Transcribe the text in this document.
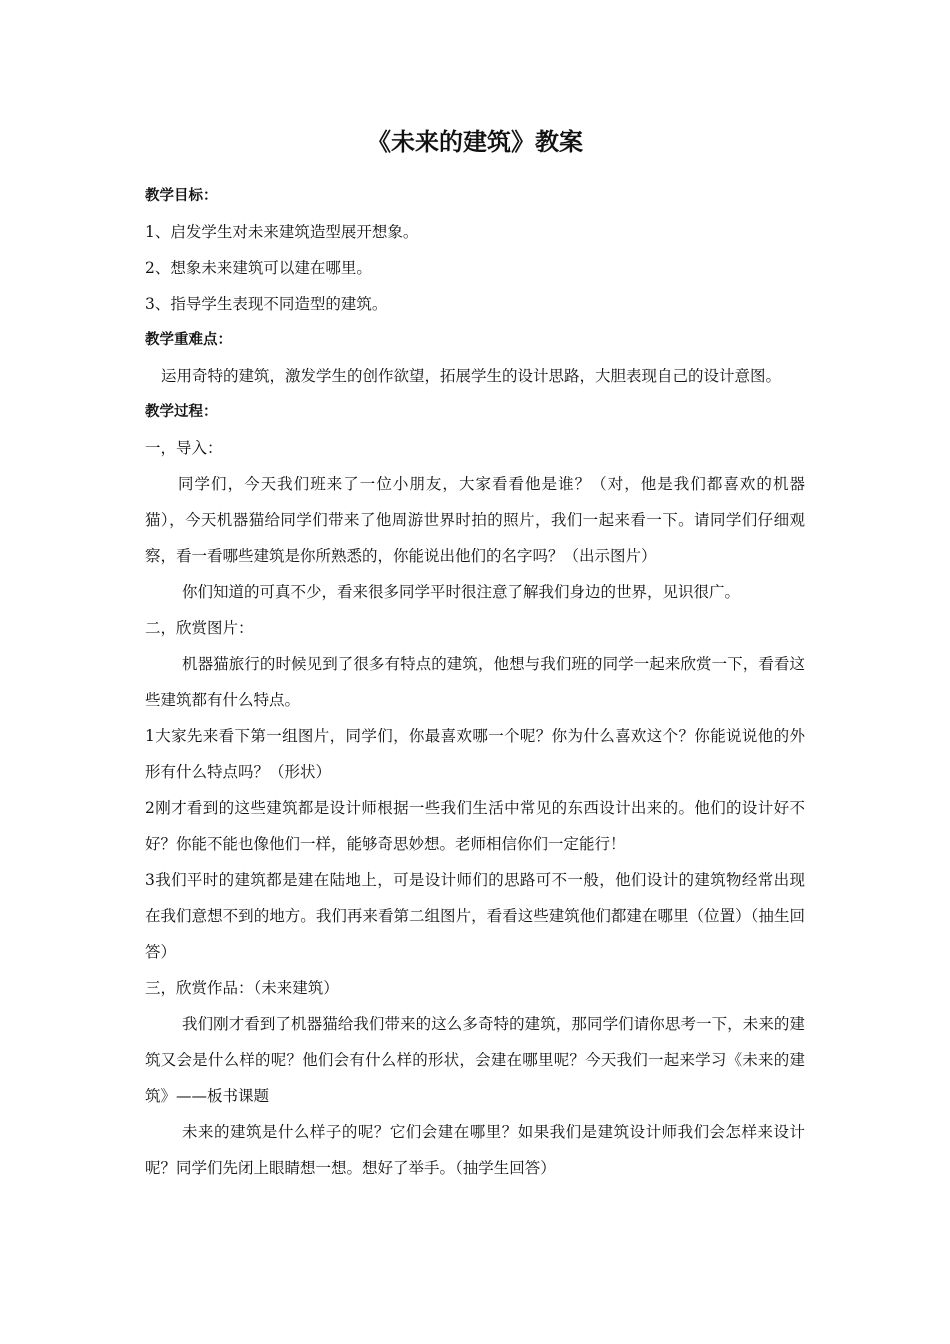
《未来的建筑》教案

教学目标：

1、启发学生对未来建筑造型展开想象。

2、想象未来建筑可以建在哪里。

3、指导学生表现不同造型的建筑。

教学重难点：

运用奇特的建筑，激发学生的创作欲望，拓展学生的设计思路，大胆表现自己的设计意图。

教学过程：

一，导入：

同学们，今天我们班来了一位小朋友，大家看看他是谁？（对，他是我们都喜欢的机器猫），今天机器猫给同学们带来了他周游世界时拍的照片，我们一起来看一下。请同学们仔细观察，看一看哪些建筑是你所熟悉的，你能说出他们的名字吗？（出示图片）

你们知道的可真不少，看来很多同学平时很注意了解我们身边的世界，见识很广。

二，欣赏图片：

机器猫旅行的时候见到了很多有特点的建筑，他想与我们班的同学一起来欣赏一下，看看这些建筑都有什么特点。

1大家先来看下第一组图片，同学们，你最喜欢哪一个呢？你为什么喜欢这个？你能说说他的外形有什么特点吗？（形状）

2刚才看到的这些建筑都是设计师根据一些我们生活中常见的东西设计出来的。他们的设计好不好？你能不能也像他们一样，能够奇思妙想。老师相信你们一定能行！

3我们平时的建筑都是建在陆地上，可是设计师们的思路可不一般，他们设计的建筑物经常出现在我们意想不到的地方。我们再来看第二组图片，看看这些建筑他们都建在哪里（位置）（抽生回答）

三，欣赏作品：（未来建筑）

我们刚才看到了机器猫给我们带来的这么多奇特的建筑，那同学们请你思考一下，未来的建筑又会是什么样的呢？他们会有什么样的形状，会建在哪里呢？今天我们一起来学习《未来的建筑》——板书课题

未来的建筑是什么样子的呢？它们会建在哪里？如果我们是建筑设计师我们会怎样来设计呢？同学们先闭上眼睛想一想。想好了举手。（抽学生回答）
